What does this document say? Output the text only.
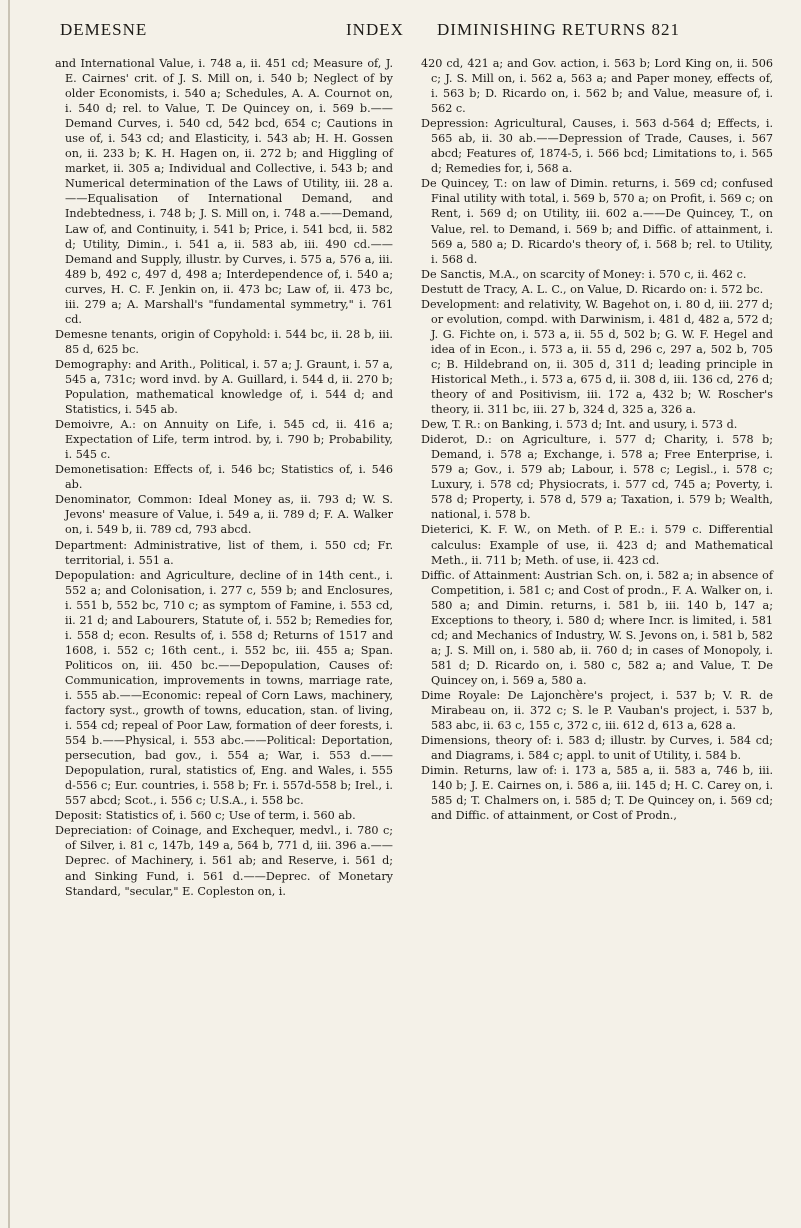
DEMESNE	INDEX DIMINISHING RETURNS 821

and International Value, i. 748 a, ii. 451 cd; Measure of, J. E. Cairnes' crit. of J. S. Mill on, i. 540 b; Neglect of by older Economists, i. 540 a; Schedules, A. A. Cournot on, i. 540 d; rel. to Value, T. De Quincey on, i. 569 b.—— Demand Curves, i. 540 cd, 542 bcd, 654 c; Cautions in use of, i. 543 cd; and Elasticity, i. 543 ab; H. H. Gossen on, ii. 233 b; K. H. Hagen on, ii. 272 b; and Higgling of market, ii. 305 a; Individual and Collective, i. 543 b; and Numerical determination of the Laws of Utility, iii. 28 a.——Equalisation of International Demand, and Indebtedness, i. 748 b; J. S. Mill on, i. 748 a.——Demand, Law of, and Continuity, i. 541 b; Price, i. 541 bcd, ii. 582 d; Utility, Dimin., i. 541 a, ii. 583 ab, iii. 490 cd.——Demand and Supply, illustr. by Curves, i. 575 a, 576 a, iii. 489 b, 492 c, 497 d, 498 a; Interdependence of, i. 540 a; curves, H. C. F. Jenkin on, ii. 473 bc; Law of, ii. 473 bc, iii. 279 a; A. Marshall's "fundamental symmetry," i. 761 cd.

Demesne tenants, origin of Copyhold: i. 544 bc, ii. 28 b, iii. 85 d, 625 bc.

Demography: and Arith., Political, i. 57 a; J. Graunt, i. 57 a, 545 a, 731c; word invd. by A. Guillard, i. 544 d, ii. 270 b; Population, mathematical knowledge of, i. 544 d; and Statistics, i. 545 ab.

Demoivre, A.: on Annuity on Life, i. 545 cd, ii. 416 a; Expectation of Life, term introd. by, i. 790 b; Probability, i. 545 c.

Demonetisation: Effects of, i. 546 bc; Statistics of, i. 546 ab.

Denominator, Common: Ideal Money as, ii. 793 d; W. S. Jevons' measure of Value, i. 549 a, ii. 789 d; F. A. Walker on, i. 549 b, ii. 789 cd, 793 abcd.

Department: Administrative, list of them, i. 550 cd; Fr. territorial, i. 551 a.

Depopulation: and Agriculture, decline of in 14th cent., i. 552 a; and Colonisation, i. 277 c, 559 b; and Enclosures, i. 551 b, 552 bc, 710 c; as symptom of Famine, i. 553 cd, ii. 21 d; and Labourers, Statute of, i. 552 b; Remedies for, i. 558 d; econ. Results of, i. 558 d; Returns of 1517 and 1608, i. 552 c; 16th cent., i. 552 bc, iii. 455 a; Span. Politicos on, iii. 450 bc.——Depopulation, Causes of: Communication, improvements in towns, marriage rate, i. 555 ab.——Economic: repeal of Corn Laws, machinery, factory syst., growth of towns, education, stan. of living, i. 554 cd; repeal of Poor Law, formation of deer forests, i. 554 b.——Physical, i. 553 abc.——Political: Deportation, persecution, bad gov., i. 554 a; War, i. 553 d.——Depopulation, rural, statistics of, Eng. and Wales, i. 555 d-556 c; Eur. countries, i. 558 b; Fr. i. 557d-558 b; Irel., i. 557 abcd; Scot., i. 556 c; U.S.A., i. 558 bc.

Deposit: Statistics of, i. 560 c; Use of term, i. 560 ab.

Depreciation: of Coinage, and Exchequer, medvl., i. 780 c; of Silver, i. 81 c, 147b, 149 a, 564 b, 771 d, iii. 396 a.——Deprec. of Machinery, i. 561 ab; and Reserve, i. 561 d; and Sinking Fund, i. 561 d.——Deprec. of Monetary Standard, "secular," E. Copleston on, i.

420 cd, 421 a; and Gov. action, i. 563 b; Lord King on, ii. 506 c; J. S. Mill on, i. 562 a, 563 a; and Paper money, effects of, i. 563 b; D. Ricardo on, i. 562 b; and Value, measure of, i. 562 c.

Depression: Agricultural, Causes, i. 563 d-564 d; Effects, i. 565 ab, ii. 30 ab.——Depression of Trade, Causes, i. 567 abcd; Features of, 1874-5, i. 566 bcd; Limitations to, i. 565 d; Remedies for, i, 568 a.

De Quincey, T.: on law of Dimin. returns, i. 569 cd; confused Final utility with total, i. 569 b, 570 a; on Profit, i. 569 c; on Rent, i. 569 d; on Utility, iii. 602 a.——De Quincey, T., on Value, rel. to Demand, i. 569 b; and Diffic. of attainment, i. 569 a, 580 a; D. Ricardo's theory of, i. 568 b; rel. to Utility, i. 568 d.

De Sanctis, M.A., on scarcity of Money: i. 570 c, ii. 462 c.

Destutt de Tracy, A. L. C., on Value, D. Ricardo on: i. 572 bc.

Development: and relativity, W. Bagehot on, i. 80 d, iii. 277 d; or evolution, compd. with Darwinism, i. 481 d, 482 a, 572 d; J. G. Fichte on, i. 573 a, ii. 55 d, 502 b; G. W. F. Hegel and idea of in Econ., i. 573 a, ii. 55 d, 296 c, 297 a, 502 b, 705 c; B. Hildebrand on, ii. 305 d, 311 d; leading principle in Historical Meth., i. 573 a, 675 d, ii. 308 d, iii. 136 cd, 276 d; theory of and Positivism, iii. 172 a, 432 b; W. Roscher's theory, ii. 311 bc, iii. 27 b, 324 d, 325 a, 326 a.

Dew, T. R.: on Banking, i. 573 d; Int. and usury, i. 573 d.

Diderot, D.: on Agriculture, i. 577 d; Charity, i. 578 b; Demand, i. 578 a; Exchange, i. 578 a; Free Enterprise, i. 579 a; Gov., i. 579 ab; Labour, i. 578 c; Legisl., i. 578 c; Luxury, i. 578 cd; Physiocrats, i. 577 cd, 745 a; Poverty, i. 578 d; Property, i. 578 d, 579 a; Taxation, i. 579 b; Wealth, national, i. 578 b.

Dieterici, K. F. W., on Meth. of P. E.: i. 579 c. Differential calculus: Example of use, ii. 423 d; and Mathematical Meth., ii. 711 b; Meth. of use, ii. 423 cd.

Diffic. of Attainment: Austrian Sch. on, i. 582 a; in absence of Competition, i. 581 c; and Cost of prodn., F. A. Walker on, i. 580 a; and Dimin. returns, i. 581 b, iii. 140 b, 147 a; Exceptions to theory, i. 580 d; where Incr. is limited, i. 581 cd; and Mechanics of Industry, W. S. Jevons on, i. 581 b, 582 a; J. S. Mill on, i. 580 ab, ii. 760 d; in cases of Monopoly, i. 581 d; D. Ricardo on, i. 580 c, 582 a; and Value, T. De Quincey on, i. 569 a, 580 a.

Dime Royale: De Lajonchère's project, i. 537 b; V. R. de Mirabeau on, ii. 372 c; S. le P. Vauban's project, i. 537 b, 583 abc, ii. 63 c, 155 c, 372 c, iii. 612 d, 613 a, 628 a.

Dimensions, theory of: i. 583 d; illustr. by Curves, i. 584 cd; and Diagrams, i. 584 c; appl. to unit of Utility, i. 584 b.

Dimin. Returns, law of: i. 173 a, 585 a, ii. 583 a, 746 b, iii. 140 b; J. E. Cairnes on, i. 586 a, iii. 145 d; H. C. Carey on, i. 585 d; T. Chalmers on, i. 585 d; T. De Quincey on, i. 569 cd; and Diffic. of attainment, or Cost of Prodn.,
